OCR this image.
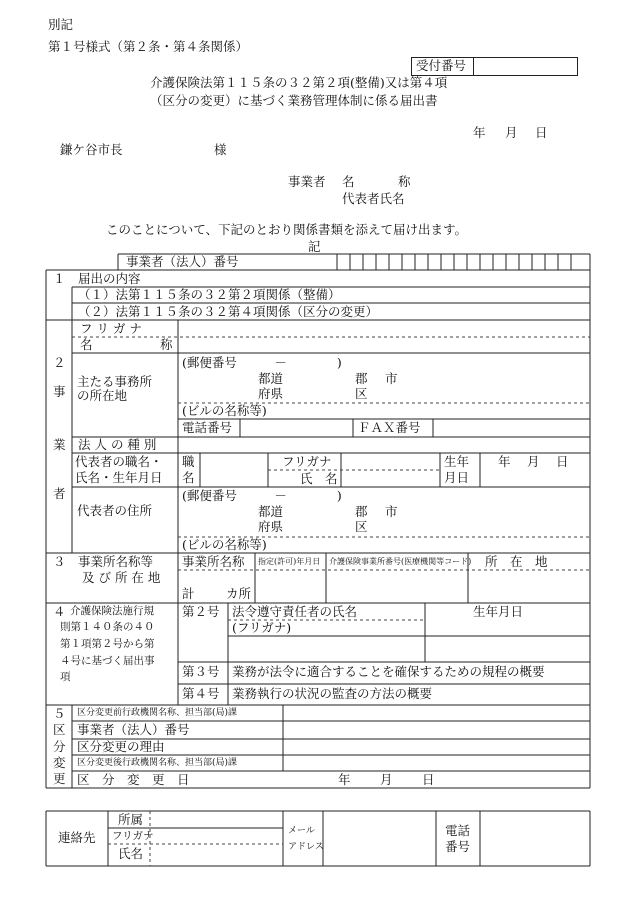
別記
第１号様式（第２条・第４条関係）
受付番号
介護保険法第１１５条の３２第２項(整備)又は第４項
（区分の変更）に基づく業務管理体制に係る届出書
年 月 日
鎌ケ谷市長	様
事業者 名	称
代表者氏名
このことについて、下記のとおり関係書類を添えて届け出ます。
記
事業者（法人）番号
１ 届出の内容
（１）法第１１５条の３２第２項関係（整備）
（２）法第１１５条の３２第４項関係（区分の変更）
２
事
業
者
フ リ ガ ナ
名	称
主たる事務所
の所在地
(郵便番号　　　－　　　　)
都道
府県
郡 市
区
(ビルの名称等)
電話番号	ＦＡＸ番号
法 人 の 種 別
代表者の職名・
氏名・生年月日
職
名
フリガナ
氏　名
生年
月日
年　 月　 日
代表者の住所
(郵便番号　　　－　　　　)
都道
府県
郡 市
区
(ビルの名称等)
３ 事業所名称等
及 び 所 在 地
事業所名称 指定(許可)年月日 介護保険事業所番号(医療機関等コード) 所　在　地
計	カ所
４ 介護保険法施行規
則第１４０条の４０
第１項第２号から第
４号に基づく届出事
項
第２号 法令遵守責任者の氏名
(フリガナ)
生年月日
第３号 業務が法令に適合することを確保するための規程の概要
第４号 業務執行の状況の監査の方法の概要
５
区
分
変
更
区分変更前行政機関名称、担当部(局)課
事業者（法人）番号
区分変更の理由
区分変更後行政機関名称、担当部(局)課
区　分　変　更　日	年 月 日
連絡先
所属
フリガナ
氏名
メール
アドレス
電話
番号
